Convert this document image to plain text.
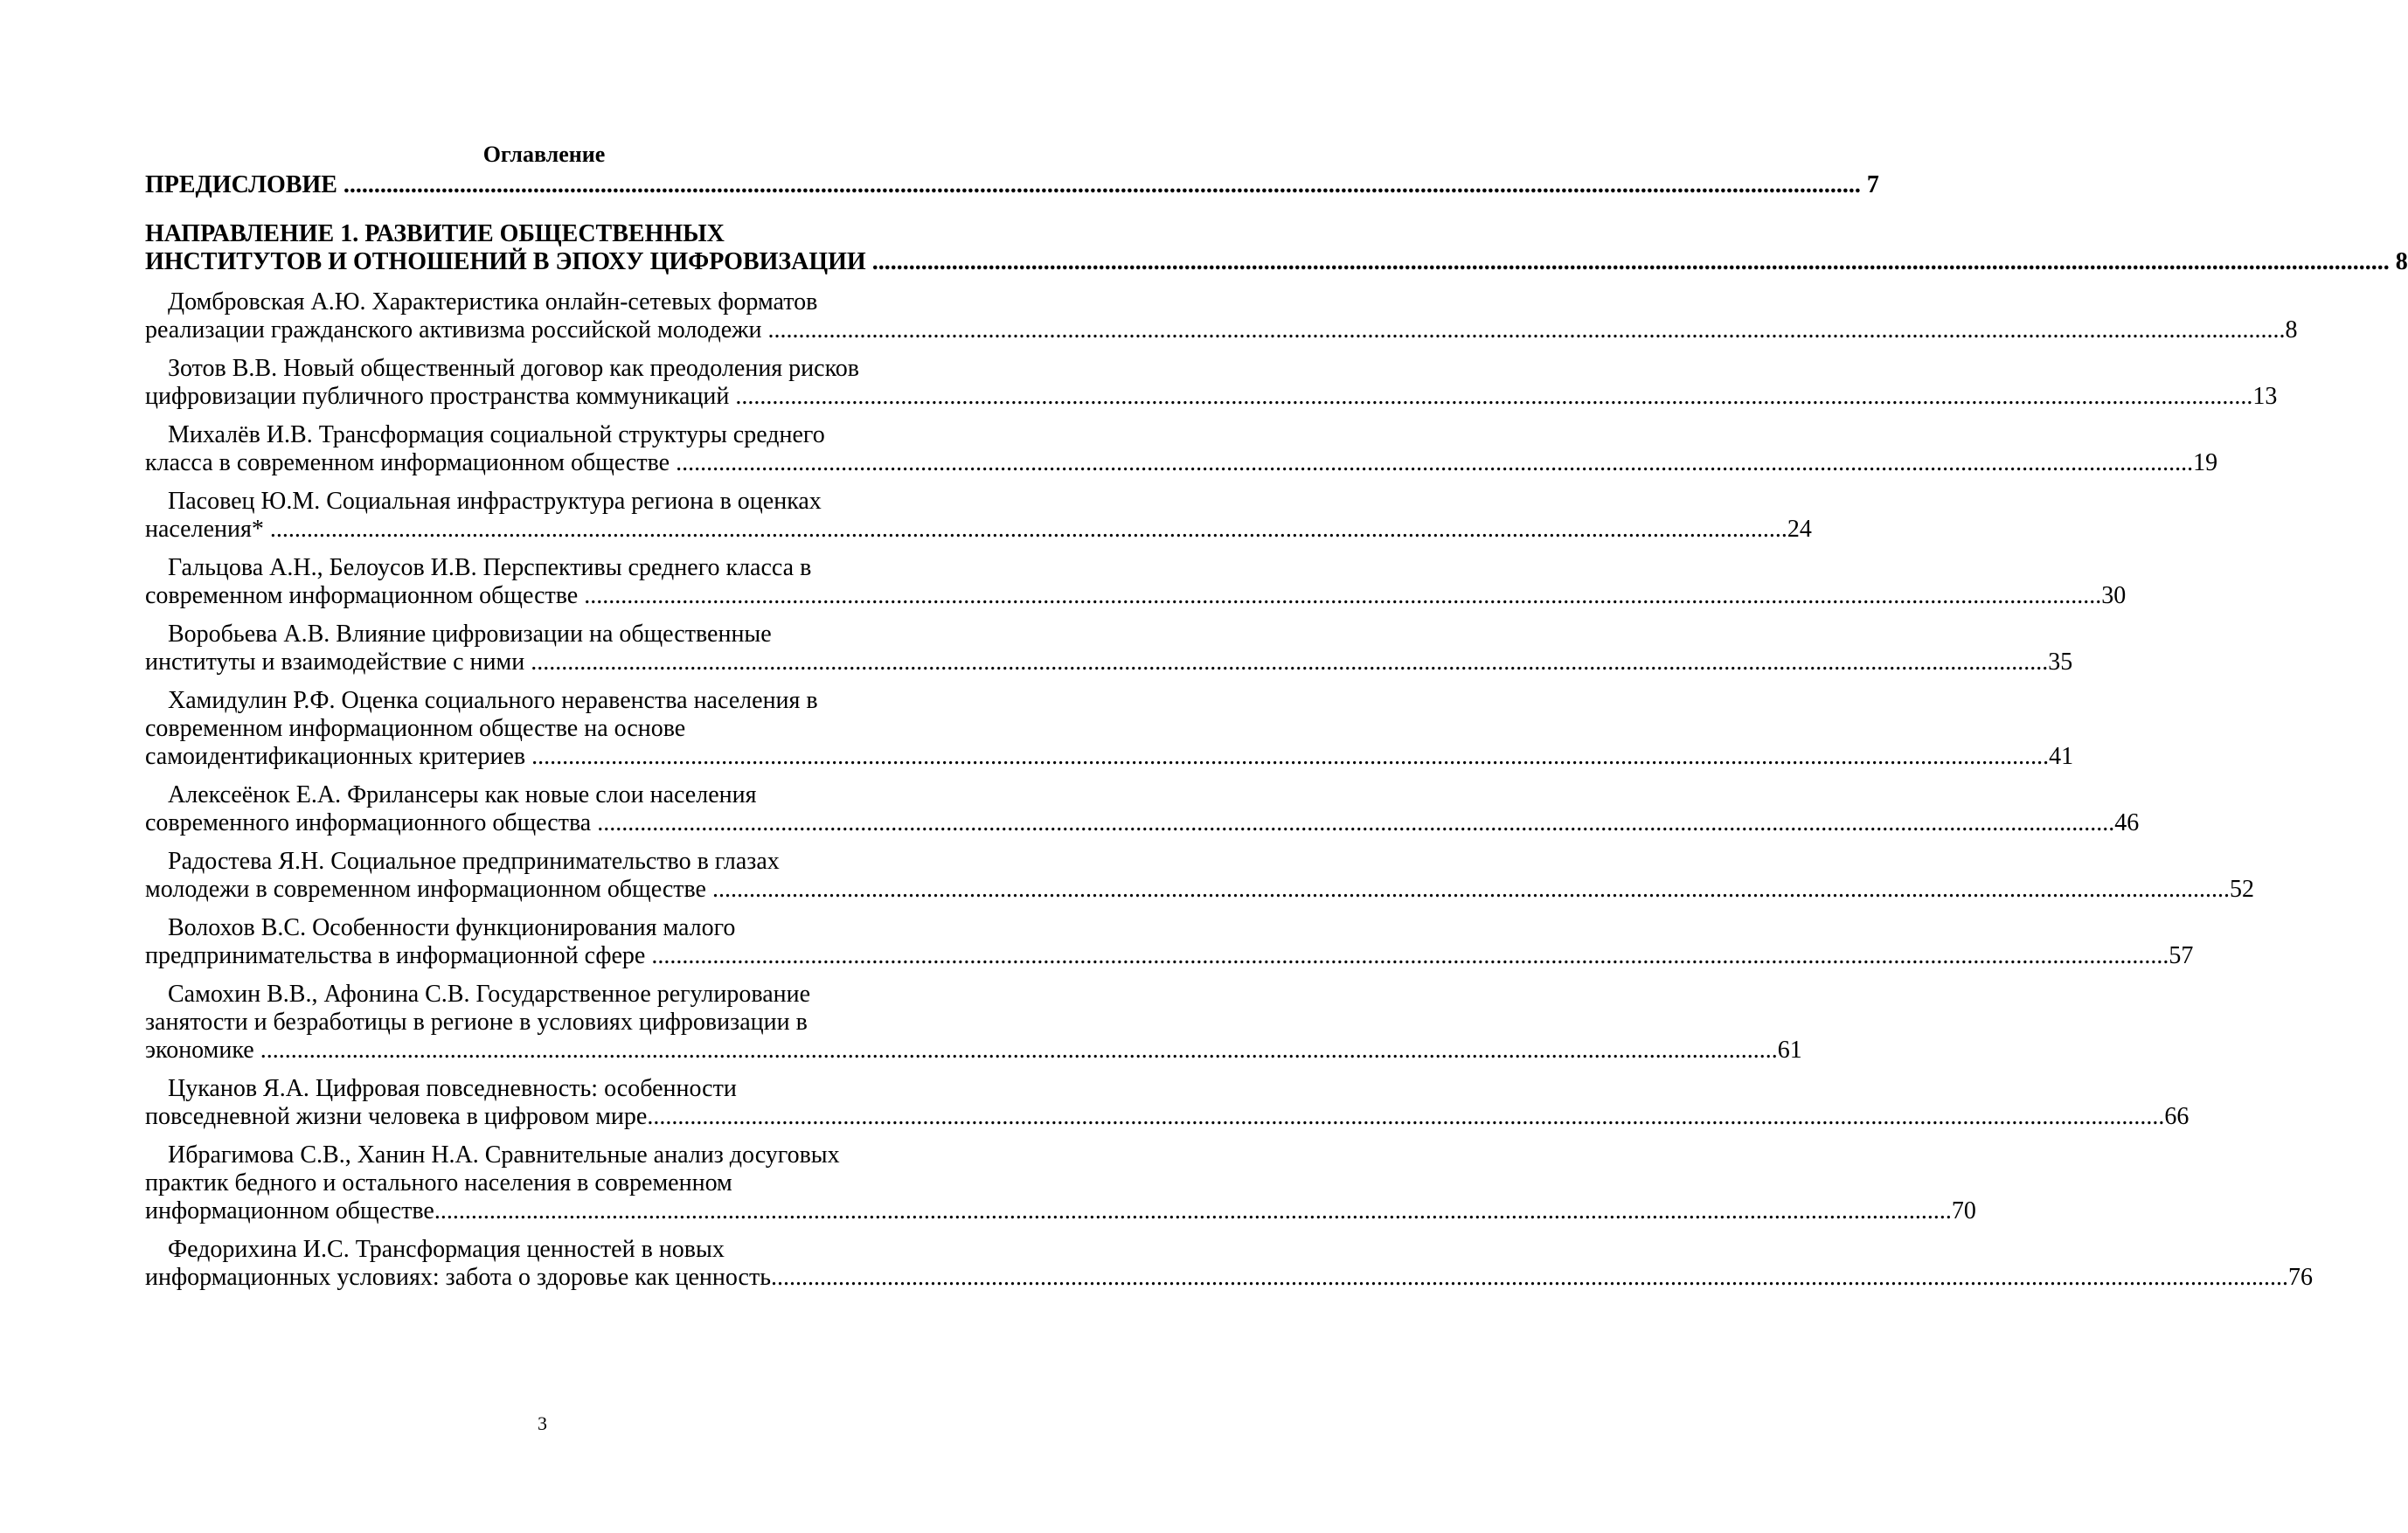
Оглавление
ПРЕДИСЛОВИЕ .....	7
НАПРАВЛЕНИЕ 1. РАЗВИТИЕ ОБЩЕСТВЕННЫХ
ИНСТИТУТОВ И ОТНОШЕНИЙ В ЭПОХУ ЦИФРОВИЗАЦИИ .....	8
Домбровская А.Ю. Характеристика онлайн-сетевых форматов
реализации гражданского активизма российской молодежи .....	8
Зотов В.В. Новый общественный договор как преодоления рисков
цифровизации публичного пространства коммуникаций .....	13
Михалёв И.В. Трансформация социальной структуры среднего
класса в современном информационном обществе .....	19
Пасовец Ю.М. Социальная инфраструктура региона в оценках
населения* .....	24
Гальцова А.Н., Белоусов И.В. Перспективы среднего класса в
современном информационном обществе .....	30
Воробьева А.В. Влияние цифровизации на общественные
институты и взаимодействие с ними .....	35
Хамидулин Р.Ф. Оценка социального неравенства населения в
современном информационном обществе на основе
самоидентификационных критериев .....	41
Алексеёнок Е.А. Фрилансеры как новые слои населения
современного информационного общества .....	46
Радостева Я.Н. Социальное предпринимательство в глазах
молодежи в современном информационном обществе .....	52
Волохов В.С. Особенности функционирования малого
предпринимательства в информационной сфере .....	57
Самохин В.В., Афонина С.В. Государственное регулирование
занятости и безработицы в регионе в условиях цифровизации в
экономике .....	61
Цуканов Я.А. Цифровая повседневность: особенности
повседневной жизни человека в цифровом мире .....	66
Ибрагимова С.В., Ханин Н.А. Сравнительные анализ досуговых
практик бедного и остального населения в современном
информационном обществе .....	70
Федорихина И.С. Трансформация ценностей в новых
информационных условиях: забота о здоровье как ценность .....	76
3
